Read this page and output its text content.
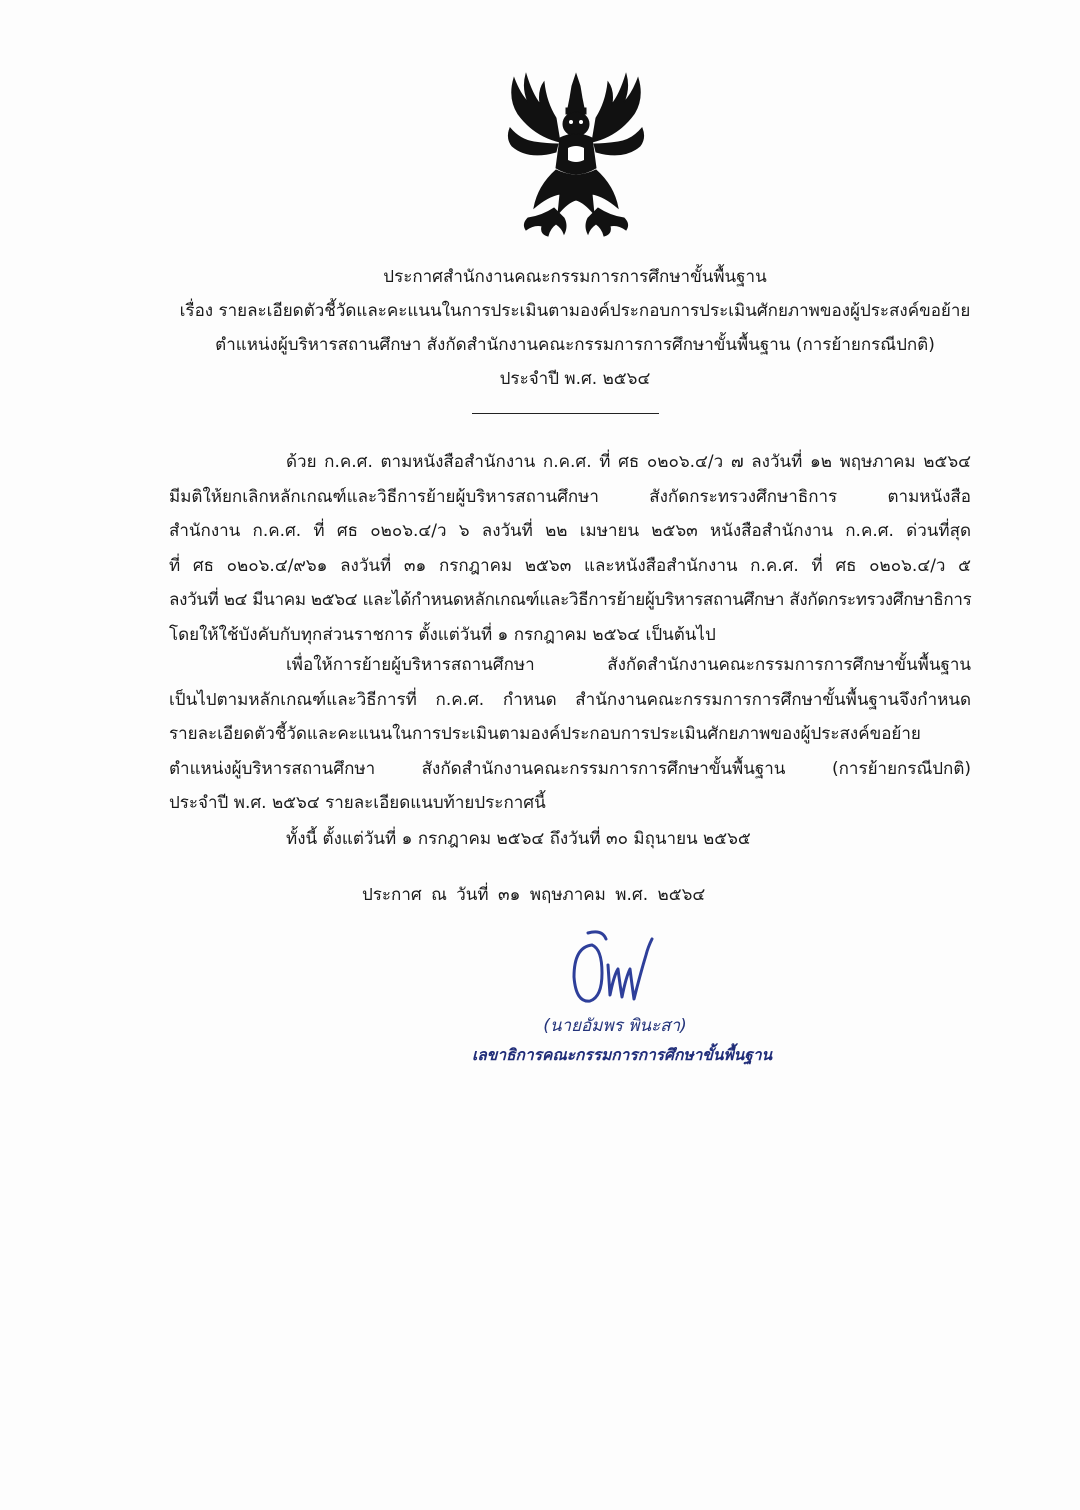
ประกาศสำนักงานคณะกรรมการการศึกษาขั้นพื้นฐาน
เรื่อง รายละเอียดตัวชี้วัดและคะแนนในการประเมินตามองค์ประกอบการประเมินศักยภาพของผู้ประสงค์ขอย้าย
ตำแหน่งผู้บริหารสถานศึกษา สังกัดสำนักงานคณะกรรมการการศึกษาขั้นพื้นฐาน (การย้ายกรณีปกติ)
ประจำปี พ.ศ. ๒๕๖๔
ด้วย ก.ค.ศ. ตามหนังสือสำนักงาน ก.ค.ศ. ที่ ศธ ๐๒๐๖.๔/ว ๗ ลงวันที่ ๑๒ พฤษภาคม ๒๕๖๔
มีมติให้ยกเลิกหลักเกณฑ์และวิธีการย้ายผู้บริหารสถานศึกษา สังกัดกระทรวงศึกษาธิการ ตามหนังสือ
สำนักงาน ก.ค.ศ. ที่ ศธ ๐๒๐๖.๔/ว ๖ ลงวันที่ ๒๒ เมษายน ๒๕๖๓ หนังสือสำนักงาน ก.ค.ศ. ด่วนที่สุด
ที่ ศธ ๐๒๐๖.๔/๙๖๑ ลงวันที่ ๓๑ กรกฎาคม ๒๕๖๓ และหนังสือสำนักงาน ก.ค.ศ. ที่ ศธ ๐๒๐๖.๔/ว ๕
ลงวันที่ ๒๔ มีนาคม ๒๕๖๔ และได้กำหนดหลักเกณฑ์และวิธีการย้ายผู้บริหารสถานศึกษา สังกัดกระทรวงศึกษาธิการ
โดยให้ใช้บังคับกับทุกส่วนราชการ ตั้งแต่วันที่ ๑ กรกฎาคม ๒๕๖๔ เป็นต้นไป
เพื่อให้การย้ายผู้บริหารสถานศึกษา สังกัดสำนักงานคณะกรรมการการศึกษาขั้นพื้นฐาน
เป็นไปตามหลักเกณฑ์และวิธีการที่ ก.ค.ศ. กำหนด สำนักงานคณะกรรมการการศึกษาขั้นพื้นฐานจึงกำหนด
รายละเอียดตัวชี้วัดและคะแนนในการประเมินตามองค์ประกอบการประเมินศักยภาพของผู้ประสงค์ขอย้าย
ตำแหน่งผู้บริหารสถานศึกษา สังกัดสำนักงานคณะกรรมการการศึกษาขั้นพื้นฐาน (การย้ายกรณีปกติ)
ประจำปี พ.ศ. ๒๕๖๔ รายละเอียดแนบท้ายประกาศนี้
ทั้งนี้ ตั้งแต่วันที่ ๑ กรกฎาคม ๒๕๖๔ ถึงวันที่ ๓๐ มิถุนายน ๒๕๖๕
ประกาศ ณ วันที่ ๓๑ พฤษภาคม พ.ศ. ๒๕๖๔
(นายอัมพร พินะสา)
เลขาธิการคณะกรรมการการศึกษาขั้นพื้นฐาน
